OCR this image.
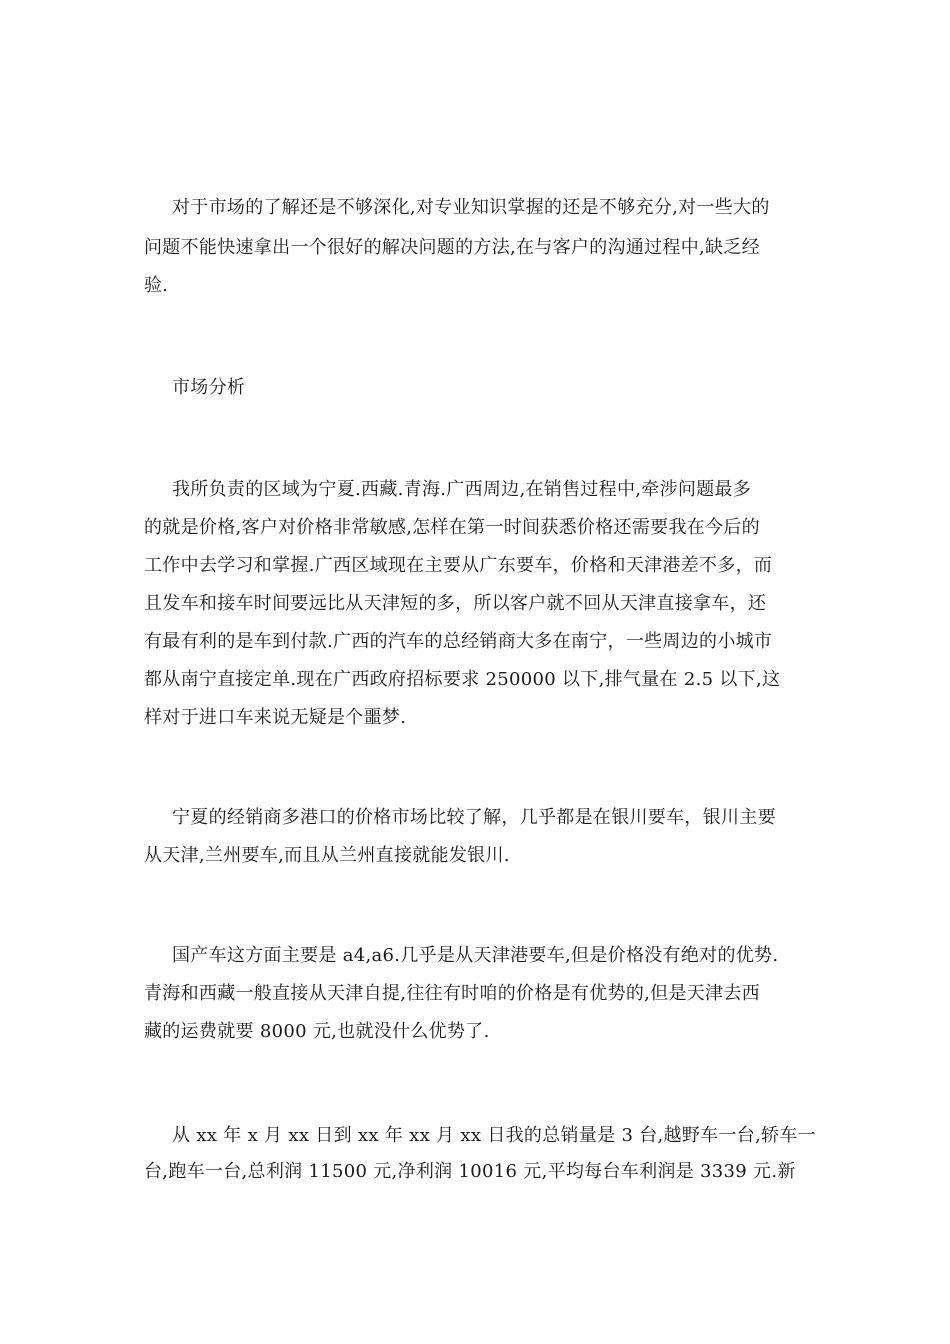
对于市场的了解还是不够深化,对专业知识掌握的还是不够充分,对一些大的
问题不能快速拿出一个很好的解决问题的方法,在与客户的沟通过程中,缺乏经
验.
市场分析
我所负责的区域为宁夏.西藏.青海.广西周边,在销售过程中,牵涉问题最多
的就是价格,客户对价格非常敏感,怎样在第一时间获悉价格还需要我在今后的
工作中去学习和掌握.广西区域现在主要从广东要车，价格和天津港差不多，而
且发车和接车时间要远比从天津短的多，所以客户就不回从天津直接拿车，还
有最有利的是车到付款.广西的汽车的总经销商大多在南宁，一些周边的小城市
都从南宁直接定单.现在广西政府招标要求 250000 以下,排气量在 2.5 以下,这
样对于进口车来说无疑是个噩梦.
宁夏的经销商多港口的价格市场比较了解，几乎都是在银川要车，银川主要
从天津,兰州要车,而且从兰州直接就能发银川.
国产车这方面主要是 a4,a6.几乎是从天津港要车,但是价格没有绝对的优势.
青海和西藏一般直接从天津自提,往往有时咱的价格是有优势的,但是天津去西
藏的运费就要 8000 元,也就没什么优势了.
从 xx 年 x 月 xx 日到 xx 年 xx 月 xx 日我的总销量是 3 台,越野车一台,轿车一
台,跑车一台,总利润 11500 元,净利润 10016 元,平均每台车利润是 3339 元.新
